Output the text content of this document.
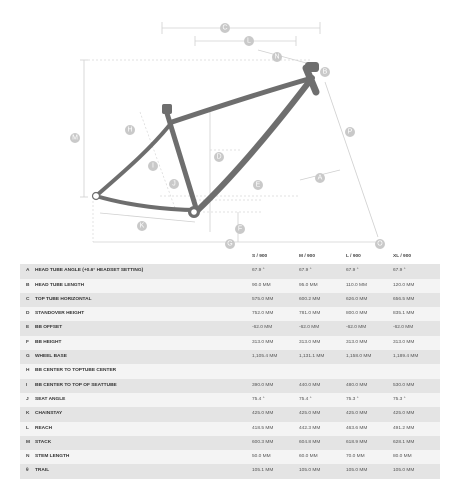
C
L
N
B
M
H	P
D
I
A
J	E
K	F
G	O
		S / 900	M / 900	L / 900	XL / 900
A	HEAD TUBE ANGLE (+0.6° HEADSET SETTING)	67.9 °	67.9 °	67.9 °	67.9 °
B	HEAD TUBE LENGTH	90.0 MM	95.0 MM	110.0 MM	120.0 MM
C	TOP TUBE HORIZONTAL	575.0 MM	600.2 MM	626.0 MM	656.5 MM
D	STANDOVER HEIGHT	752.0 MM	781.0 MM	800.0 MM	835.1 MM
E	BB OFFSET	-62.0 MM	-62.0 MM	-62.0 MM	-62.0 MM
F	BB HEIGHT	313.0 MM	313.0 MM	313.0 MM	313.0 MM
G	WHEEL BASE	1,105.4 MM	1,131.1 MM	1,158.0 MM	1,189.4 MM
H	BB CENTER TO TOPTUBE CENTER				
I	BB CENTER TO TOP OF SEATTUBE	390.0 MM	440.0 MM	480.0 MM	530.0 MM
J	SEAT ANGLE	75.4 °	75.4 °	75.3 °	75.3 °
K	CHAINSTAY	425.0 MM	425.0 MM	425.0 MM	425.0 MM
L	REACH	418.5 MM	442.3 MM	463.6 MM	491.2 MM
M	STACK	600.3 MM	604.8 MM	618.9 MM	628.1 MM
N	STEM LENGTH	50.0 MM	60.0 MM	70.0 MM	80.0 MM
θ	TRAIL	105.1 MM	105.0 MM	105.0 MM	105.0 MM
